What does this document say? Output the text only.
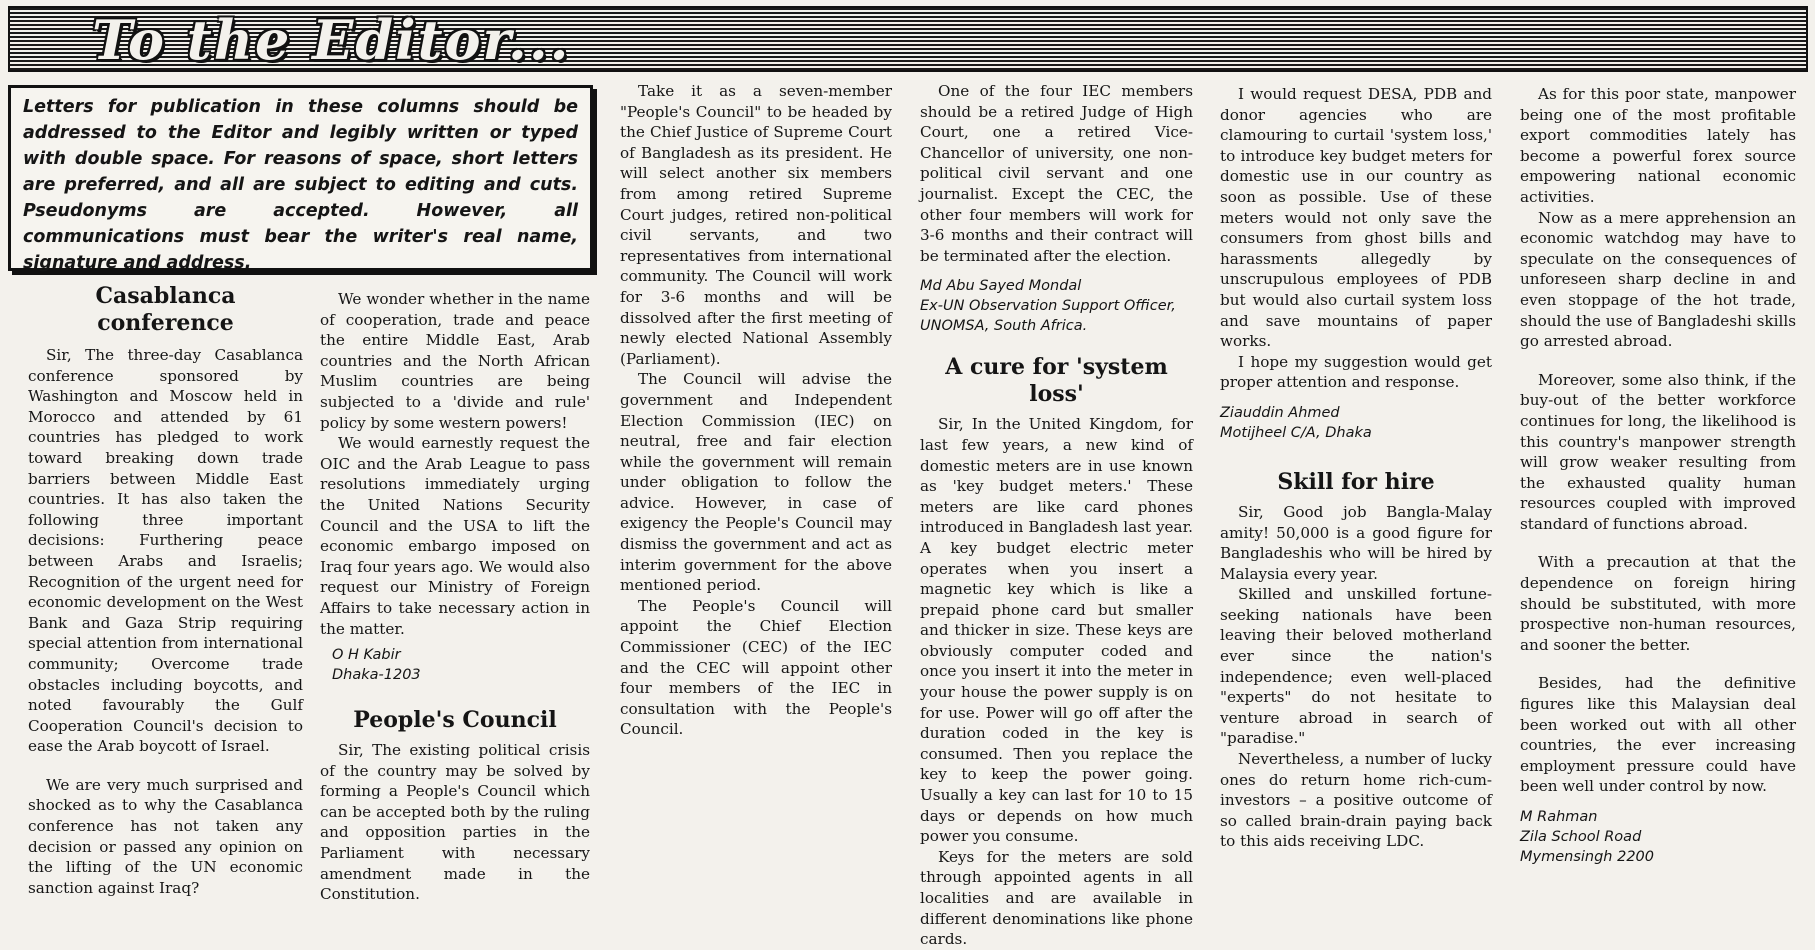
To the Editor...
Letters for publication in these columns should be addressed to the Editor and legibly written or typed with double space. For reasons of space, short letters are preferred, and all are subject to editing and cuts. Pseudonyms are accepted. However, all communications must bear the writer's real name, signature and address.
Casablanca conference

Sir, The three-day Casablanca conference sponsored by Washington and Moscow held in Morocco and attended by 61 countries has pledged to work toward breaking down trade barriers between Middle East countries. It has also taken the following three important decisions: Furthering peace between Arabs and Israelis; Recognition of the urgent need for economic development on the West Bank and Gaza Strip requiring special attention from international community; Overcome trade obstacles including boycotts, and noted favourably the Gulf Cooperation Council's decision to ease the Arab boycott of Israel.

We are very much surprised and shocked as to why the Casablanca conference has not taken any decision or passed any opinion on the lifting of the UN economic sanction against Iraq?

We wonder whether in the name of cooperation, trade and peace the entire Middle East, Arab countries and the North African Muslim countries are being subjected to a 'divide and rule' policy by some western powers!

We would earnestly request the OIC and the Arab League to pass resolutions immediately urging the United Nations Security Council and the USA to lift the economic embargo imposed on Iraq four years ago. We would also request our Ministry of Foreign Affairs to take necessary action in the matter.

O H Kabir
Dhaka-1203
People's Council

Sir, The existing political crisis of the country may be solved by forming a People's Council which can be accepted both by the ruling and opposition parties in the Parliament with necessary amendment made in the Constitution.

Take it as a seven-member "People's Council" to be headed by the Chief Justice of Supreme Court of Bangladesh as its president. He will select another six members from among retired Supreme Court judges, retired non-political civil servants, and two representatives from international community. The Council will work for 3-6 months and will be dissolved after the first meeting of newly elected National Assembly (Parliament).

The Council will advise the government and Independent Election Commission (IEC) on neutral, free and fair election while the government will remain under obligation to follow the advice. However, in case of exigency the People's Council may dismiss the government and act as interim government for the above mentioned period.

The People's Council will appoint the Chief Election Commissioner (CEC) of the IEC and the CEC will appoint other four members of the IEC in consultation with the People's Council.

One of the four IEC members should be a retired Judge of High Court, one a retired Vice-Chancellor of university, one non-political civil servant and one journalist. Except the CEC, the other four members will work for 3-6 months and their contract will be terminated after the election.

Md Abu Sayed Mondal
Ex-UN Observation Support Officer,
UNOMSA, South Africa.
A cure for 'system loss'

Sir, In the United Kingdom, for last few years, a new kind of domestic meters are in use known as 'key budget meters.' These meters are like card phones introduced in Bangladesh last year. A key budget electric meter operates when you insert a magnetic key which is like a prepaid phone card but smaller and thicker in size. These keys are obviously computer coded and once you insert it into the meter in your house the power supply is on for use. Power will go off after the duration coded in the key is consumed. Then you replace the key to keep the power going. Usually a key can last for 10 to 15 days or depends on how much power you consume.

Keys for the meters are sold through appointed agents in all localities and are available in different denominations like phone cards.

I would request DESA, PDB and donor agencies who are clamouring to curtail 'system loss,' to introduce key budget meters for domestic use in our country as soon as possible. Use of these meters would not only save the consumers from ghost bills and harassments allegedly by unscrupulous employees of PDB but would also curtail system loss and save mountains of paper works.

I hope my suggestion would get proper attention and response.

Ziauddin Ahmed
Motijheel C/A, Dhaka
Skill for hire

Sir, Good job Bangla-Malay amity! 50,000 is a good figure for Bangladeshis who will be hired by Malaysia every year.

Skilled and unskilled fortune-seeking nationals have been leaving their beloved motherland ever since the nation's independence; even well-placed "experts" do not hesitate to venture abroad in search of "paradise."

Nevertheless, a number of lucky ones do return home rich-cum-investors – a positive outcome of so called brain-drain paying back to this aids receiving LDC.

As for this poor state, manpower being one of the most profitable export commodities lately has become a powerful forex source empowering national economic activities.

Now as a mere apprehension an economic watchdog may have to speculate on the consequences of unforeseen sharp decline in and even stoppage of the hot trade, should the use of Bangladeshi skills go arrested abroad.

Moreover, some also think, if the buy-out of the better workforce continues for long, the likelihood is this country's manpower strength will grow weaker resulting from the exhausted quality human resources coupled with improved standard of functions abroad.

With a precaution at that the dependence on foreign hiring should be substituted, with more prospective non-human resources, and sooner the better.

Besides, had the definitive figures like this Malaysian deal been worked out with all other countries, the ever increasing employment pressure could have been well under control by now.

M Rahman
Zila School Road
Mymensingh 2200
